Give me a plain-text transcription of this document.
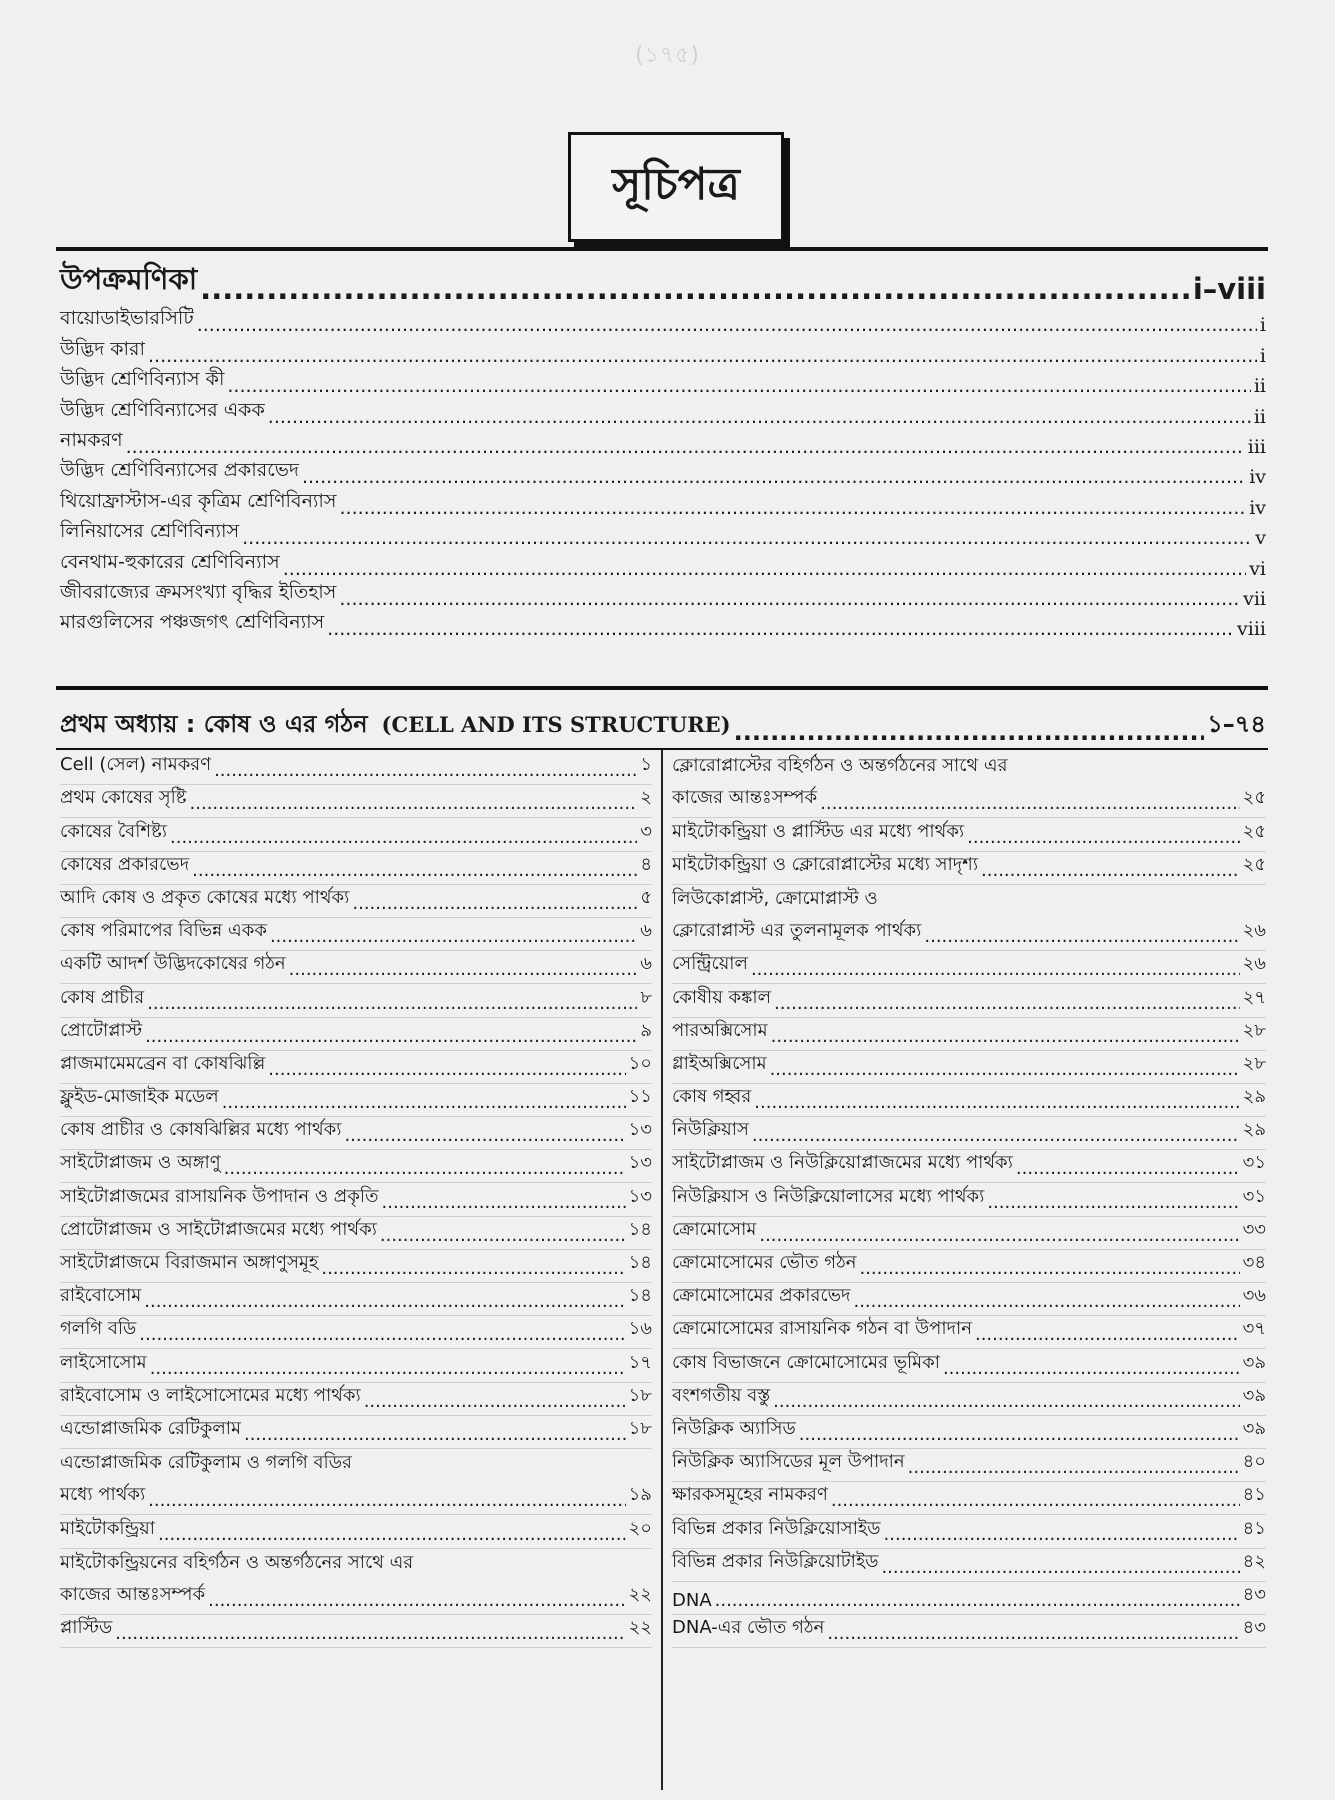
(১৭৫)
সূচিপত্র
উপক্রমণিকা .....	i–viii
বায়োডাইভারসিটি .....	i
উদ্ভিদ কারা .....	i
উদ্ভিদ শ্রেণিবিন্যাস কী .....	ii
উদ্ভিদ শ্রেণিবিন্যাসের একক .....	ii
নামকরণ .....	iii
উদ্ভিদ শ্রেণিবিন্যাসের প্রকারভেদ .....	iv
থিয়োফ্রাস্টাস-এর কৃত্রিম শ্রেণিবিন্যাস .....	iv
লিনিয়াসের শ্রেণিবিন্যাস .....	v
বেনথাম-হুকারের শ্রেণিবিন্যাস .....	vi
জীবরাজ্যের ক্রমসংখ্যা বৃদ্ধির ইতিহাস .....	vii
মারগুলিসের পঞ্চজগৎ শ্রেণিবিন্যাস .....	viii
প্রথম অধ্যায় : কোষ ও এর গঠন (CELL AND ITS STRUCTURE) .....	১–৭৪
Cell (সেল) নামকরণ .....	১
প্রথম কোষের সৃষ্টি .....	২
কোষের বৈশিষ্ট্য .....	৩
কোষের প্রকারভেদ .....	৪
আদি কোষ ও প্রকৃত কোষের মধ্যে পার্থক্য .....	৫
কোষ পরিমাপের বিভিন্ন একক .....	৬
একটি আদর্শ উদ্ভিদকোষের গঠন .....	৬
কোষ প্রাচীর .....	৮
প্রোটোপ্লাস্ট .....	৯
প্লাজমামেমব্রেন বা কোষঝিল্লি .....	১০
ফ্লুইড-মোজাইক মডেল .....	১১
কোষ প্রাচীর ও কোষঝিল্লির মধ্যে পার্থক্য .....	১৩
সাইটোপ্লাজম ও অঙ্গাণু .....	১৩
সাইটোপ্লাজমের রাসায়নিক উপাদান ও প্রকৃতি .....	১৩
প্রোটোপ্লাজম ও সাইটোপ্লাজমের মধ্যে পার্থক্য .....	১৪
সাইটোপ্লাজমে বিরাজমান অঙ্গাণুসমূহ .....	১৪
রাইবোসোম .....	১৪
গলগি বডি .....	১৬
লাইসোসোম .....	১৭
রাইবোসোম ও লাইসোসোমের মধ্যে পার্থক্য .....	১৮
এন্ডোপ্লাজমিক রেটিকুলাম .....	১৮
এন্ডোপ্লাজমিক রেটিকুলাম ও গলগি বডির
মধ্যে পার্থক্য .....	১৯
মাইটোকন্ড্রিয়া .....	২০
মাইটোকন্ড্রিয়নের বহির্গঠন ও অন্তর্গঠনের সাথে এর
কাজের আন্তঃসম্পর্ক .....	২২
প্লাস্টিড .....	২২
ক্লোরোপ্লাস্টের বহির্গঠন ও অন্তর্গঠনের সাথে এর
কাজের আন্তঃসম্পর্ক .....	২৫
মাইটোকন্ড্রিয়া ও প্লাস্টিড এর মধ্যে পার্থক্য .....	২৫
মাইটোকন্ড্রিয়া ও ক্লোরোপ্লাস্টের মধ্যে সাদৃশ্য .....	২৫
লিউকোপ্লাস্ট, ক্রোমোপ্লাস্ট ও
ক্লোরোপ্লাস্ট এর তুলনামূলক পার্থক্য .....	২৬
সেন্ট্রিয়োল .....	২৬
কোষীয় কঙ্কাল .....	২৭
পারঅক্সিসোম .....	২৮
গ্লাইঅক্সিসোম .....	২৮
কোষ গহ্বর .....	২৯
নিউক্লিয়াস .....	২৯
সাইটোপ্লাজম ও নিউক্লিয়োপ্লাজমের মধ্যে পার্থক্য .....	৩১
নিউক্লিয়াস ও নিউক্লিয়োলাসের মধ্যে পার্থক্য .....	৩১
ক্রোমোসোম .....	৩৩
ক্রোমোসোমের ভৌত গঠন .....	৩৪
ক্রোমোসোমের প্রকারভেদ .....	৩৬
ক্রোমোসোমের রাসায়নিক গঠন বা উপাদান .....	৩৭
কোষ বিভাজনে ক্রোমোসোমের ভূমিকা .....	৩৯
বংশগতীয় বস্তু .....	৩৯
নিউক্লিক অ্যাসিড .....	৩৯
নিউক্লিক অ্যাসিডের মূল উপাদান .....	৪০
ক্ষারকসমূহের নামকরণ .....	৪১
বিভিন্ন প্রকার নিউক্লিয়োসাইড .....	৪১
বিভিন্ন প্রকার নিউক্লিয়োটাইড .....	৪২
DNA .....	৪৩
DNA-এর ভৌত গঠন .....	৪৩
